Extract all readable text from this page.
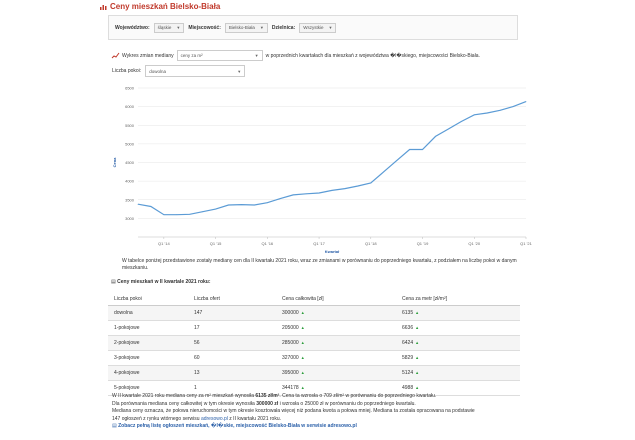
Ceny mieszkań Bielsko-Biała
Województwo: śląskie ▼ Miejscowość: Bielsko-Biała ▼ Dzielnica: Wszystkie ▼
Wykres zmian mediany ceny za m²	▼ w poprzednich kwartałach dla mieszkań z województwa �l�skiego, miejscowości Bielsko-Biała.
Liczba pokoi: dowolna	▼
3000
3500
4000
4500
5000
5500
6000
6500
Q1 '14	Q1 '15	Q1 '16	Q1 '17	Q1 '18	Q1 '19	Q1 '20	Q1 '21
Kwartał
Cena
W tabelce poniżej przedstawione zostały mediany cen dla II kwartału 2021 roku, wraz ze zmianami w porównaniu do poprzedniego kwartału, z podziałem na liczbę pokoi w danym mieszkaniu.
▤ Ceny mieszkań w II kwartale 2021 roku:
Liczba pokoi	Liczba ofert	Cena całkowita [zł]	Cena za metr [zł/m²]
dowolna	147	300000 ▲	6135 ▲
1-pokojowe	17	205000 ▲	6636 ▲
2-pokojowe	56	285000 ▲	6424 ▲
3-pokojowe	60	327000 ▲	5829 ▲
4-pokojowe	13	395000 ▲	5124 ▲
5-pokojowe	1	344178 ▲	4988 ▲
W II kwartale 2021 roku mediana ceny za m² mieszkań wynosiła 6135 zł/m². Cena ta wzrosła o 709 zł/m² w porównaniu do poprzedniego kwartału.
Dla porównania mediana ceny całkowitej w tym okresie wynosiła 300000 zł i wzrosła o 25000 zł w porównaniu do poprzedniego kwartału.
Mediana ceny oznacza, że połowa nieruchomości w tym okresie kosztowała więcej niż podana kwota a połowa mniej. Mediana ta została opracowana na podstawie
147 ogłoszeń z rynku wtórnego serwisu adresowo.pl z II kwartału 2021 roku.
▤ Zobacz pełną listę ogłoszeń mieszkań, �l�skie, miejscowość Bielsko-Biała w serwisie adresowo.pl
